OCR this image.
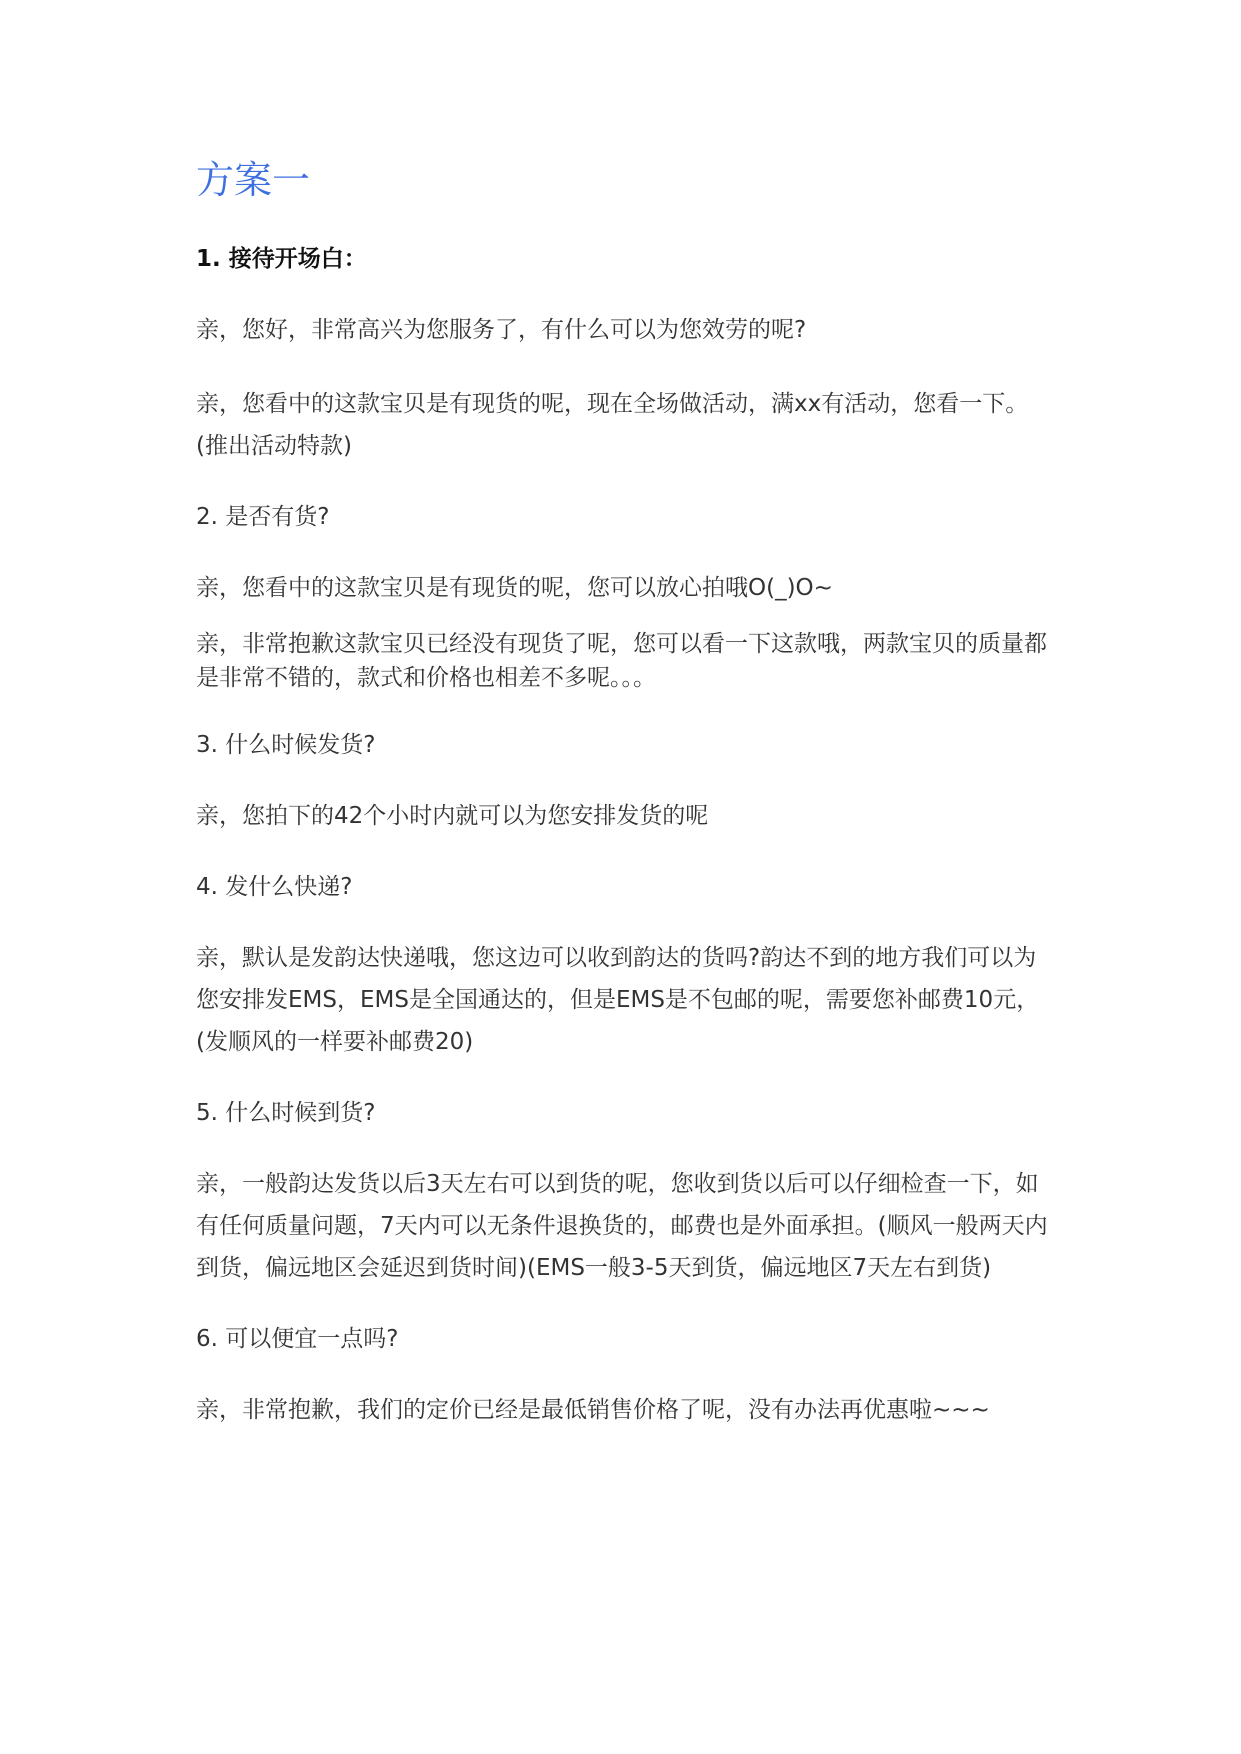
方案一
1. 接待开场白：
亲，您好，非常高兴为您服务了，有什么可以为您效劳的呢?
亲，您看中的这款宝贝是有现货的呢，现在全场做活动，满xx有活动，您看一下。(推出活动特款)
2. 是否有货?
亲，您看中的这款宝贝是有现货的呢，您可以放心拍哦O(_)O~
亲，非常抱歉这款宝贝已经没有现货了呢，您可以看一下这款哦，两款宝贝的质量都是非常不错的，款式和价格也相差不多呢。。。
3. 什么时候发货?
亲，您拍下的42个小时内就可以为您安排发货的呢
4. 发什么快递?
亲，默认是发韵达快递哦，您这边可以收到韵达的货吗?韵达不到的地方我们可以为您安排发EMS，EMS是全国通达的，但是EMS是不包邮的呢，需要您补邮费10元，(发顺风的一样要补邮费20)
5. 什么时候到货?
亲，一般韵达发货以后3天左右可以到货的呢，您收到货以后可以仔细检查一下，如有任何质量问题，7天内可以无条件退换货的，邮费也是外面承担。(顺风一般两天内到货，偏远地区会延迟到货时间)(EMS一般3-5天到货，偏远地区7天左右到货)
6. 可以便宜一点吗?
亲，非常抱歉，我们的定价已经是最低销售价格了呢，没有办法再优惠啦~~~
